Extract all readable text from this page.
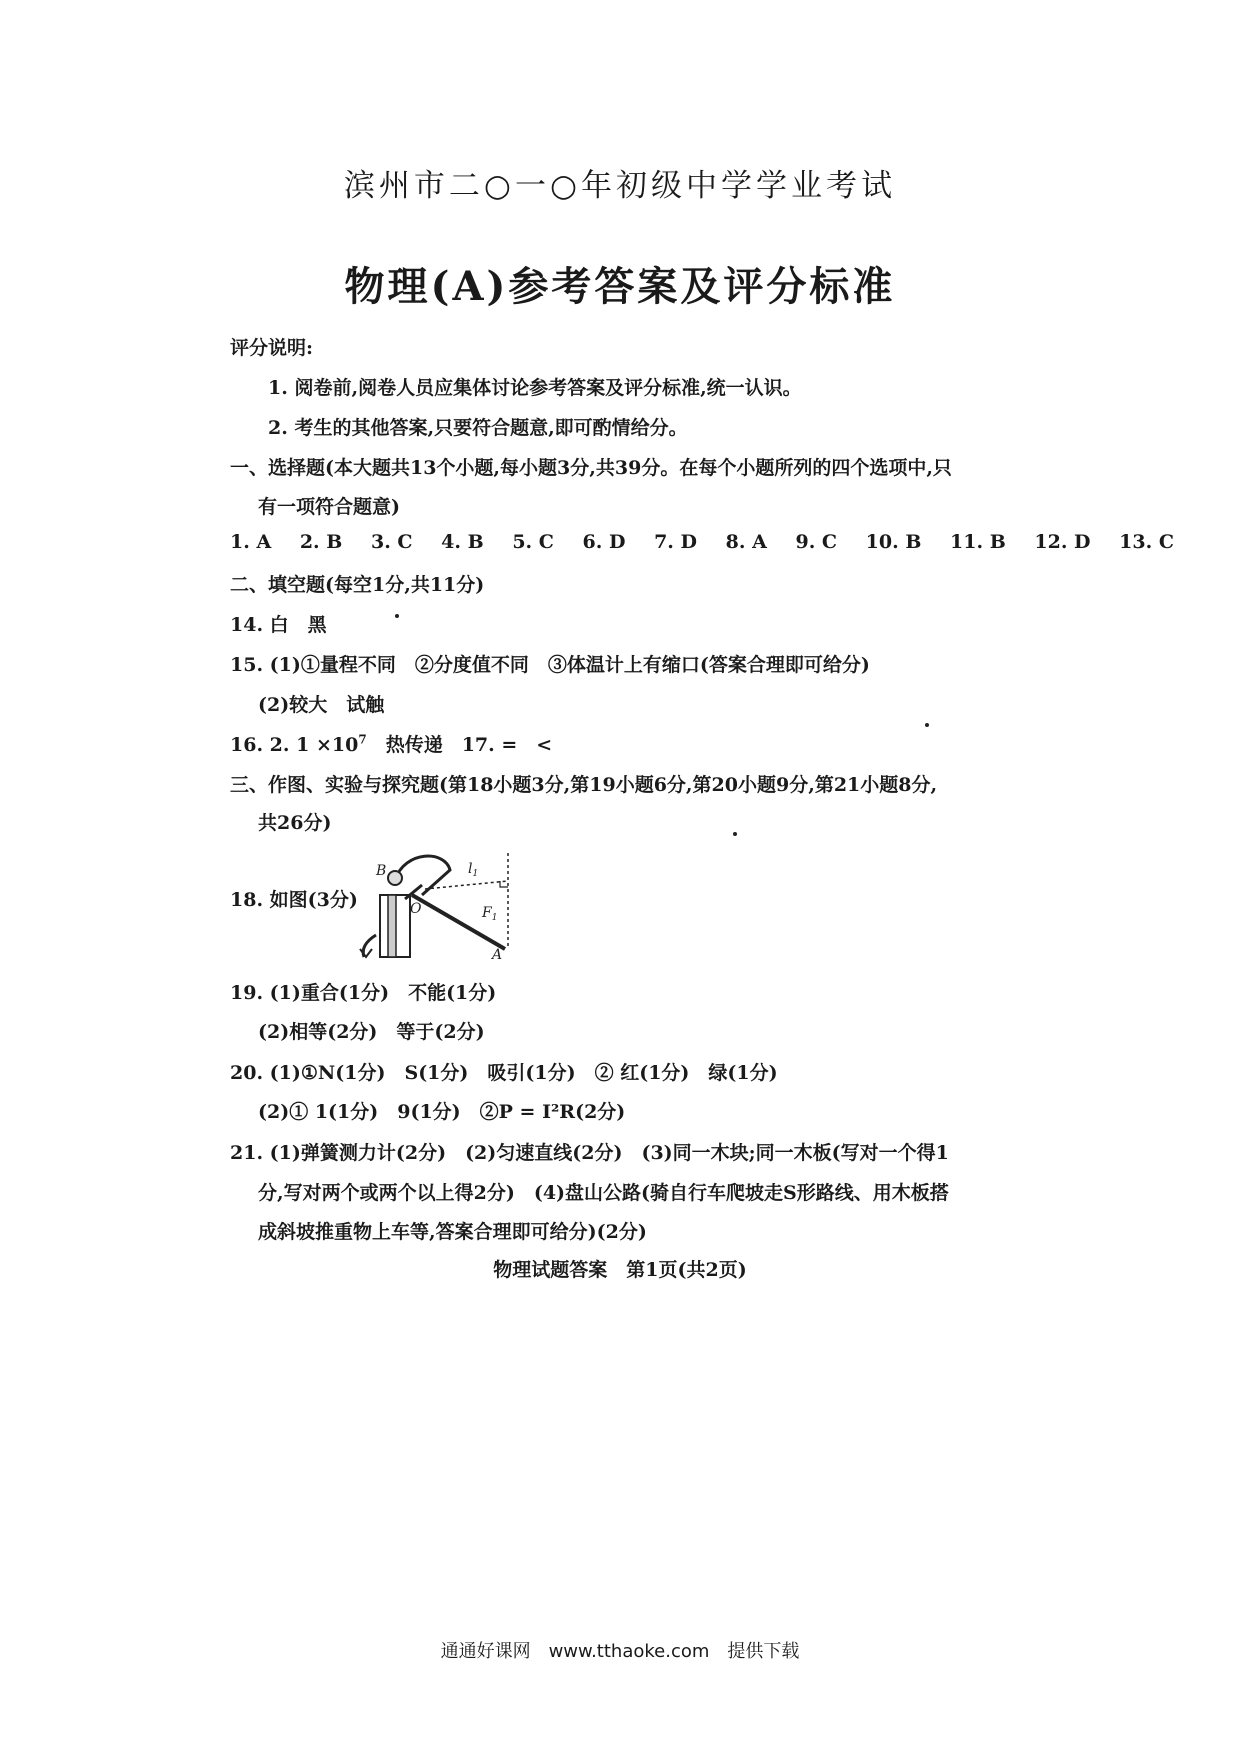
滨州市二○一○年初级中学学业考试
物理(A)参考答案及评分标准
评分说明:
1. 阅卷前,阅卷人员应集体讨论参考答案及评分标准,统一认识。
2. 考生的其他答案,只要符合题意,即可酌情给分。
一、选择题(本大题共13个小题,每小题3分,共39分。在每个小题所列的四个选项中,只
有一项符合题意)
1. A 2. B 3. C 4. B 5. C 6. D 7. D 8. A 9. C 10. B 11. B 12. D 13. C
二、填空题(每空1分,共11分)
14. 白　黑
15. (1)①量程不同　②分度值不同　③体温计上有缩口(答案合理即可给分)
(2)较大　试触
16. 2. $1 \times 10^7$　热传递　17. =　<
三、作图、实验与探究题(第18小题3分,第19小题6分,第20小题9分,第21小题8分,
共26分)
18. 如图(3分)
B
O
$l_1$
$F_1$
A
19. (1)重合(1分)　不能(1分)
(2)相等(2分)　等于(2分)
20. (1)①N(1分)　S(1分)　吸引(1分)　② 红(1分)　绿(1分)
(2)① 1(1分)　9(1分)　②P = I²R(2分)
21. (1)弹簧测力计(2分)　(2)匀速直线(2分)　(3)同一木块;同一木板(写对一个得1
分,写对两个或两个以上得2分)　(4)盘山公路(骑自行车爬坡走S形路线、用木板搭
成斜坡推重物上车等,答案合理即可给分)(2分)
物理试题答案　第1页(共2页)
通通好课网　www.tthaoke.com　提供下载
